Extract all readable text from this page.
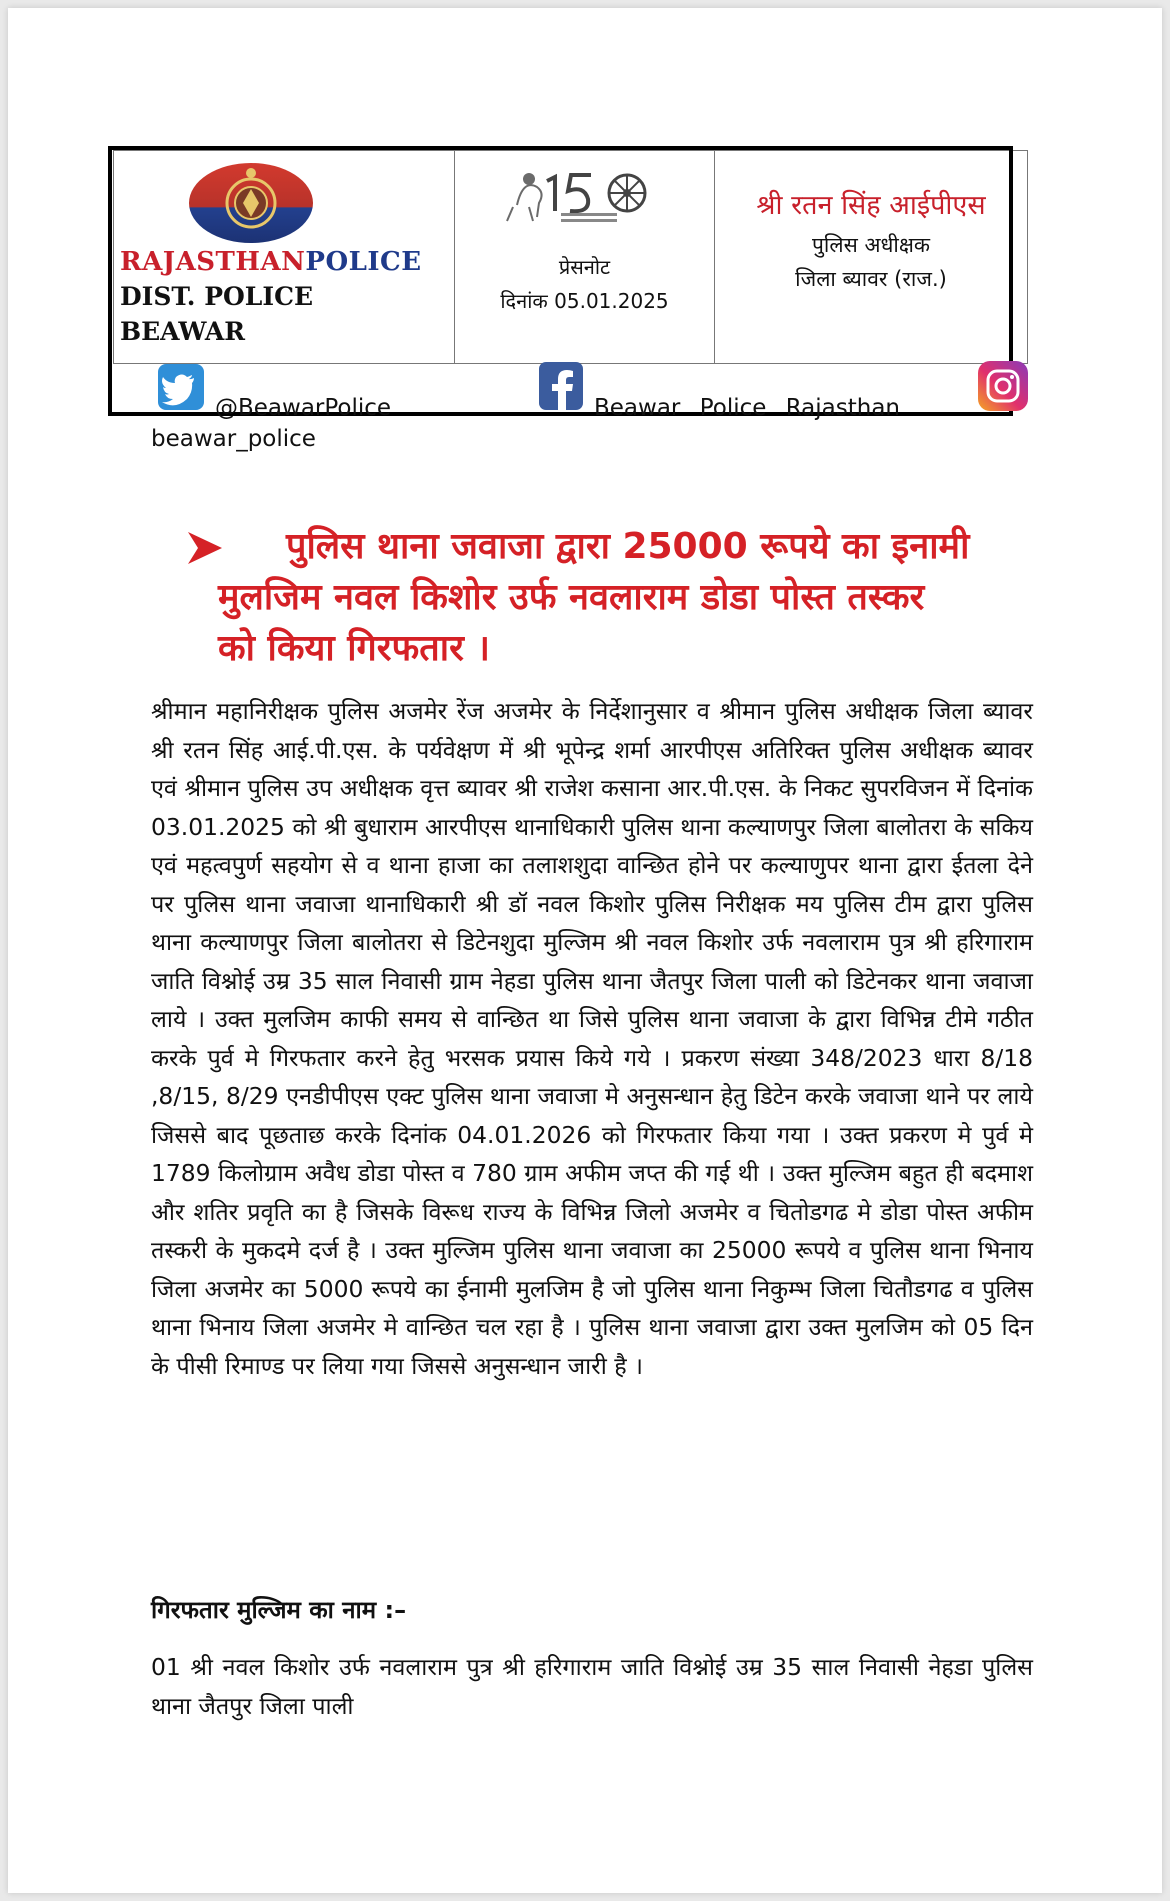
RAJASTHANPOLICE
DIST. POLICE
BEAWAR
प्रेसनोट
दिनांक 05.01.2025
श्री रतन सिंह आईपीएस
पुलिस अधीक्षक
जिला ब्यावर (राज.)
@BeawarPolice	Beawar Police Rajasthan
beawar_police
पुलिस थाना जवाजा द्वारा 25000 रूपये का इनामी
मुलजिम नवल किशोर उर्फ नवलाराम डोडा पोस्त तस्कर
को किया गिरफतार ।
श्रीमान महानिरीक्षक पुलिस अजमेर रेंज अजमेर के निर्देशानुसार व श्रीमान पुलिस अधीक्षक जिला ब्यावर श्री रतन सिंह आई.पी.एस. के पर्यवेक्षण में श्री भूपेन्द्र शर्मा आरपीएस अतिरिक्त पुलिस अधीक्षक ब्यावर एवं श्रीमान पुलिस उप अधीक्षक वृत्त ब्यावर श्री राजेश कसाना आर.पी.एस. के निकट सुपरविजन में दिनांक 03.01.2025 को श्री बुधाराम आरपीएस थानाधिकारी पुलिस थाना कल्याणपुर जिला बालोतरा के सकिय एवं महत्वपुर्ण सहयोग से व थाना हाजा का तलाशशुदा वान्छित होने पर कल्याणुपर थाना द्वारा ईतला देने पर पुलिस थाना जवाजा थानाधिकारी श्री डॉ नवल किशोर पुलिस निरीक्षक मय पुलिस टीम द्वारा पुलिस थाना कल्याणपुर जिला बालोतरा से डिटेनशुदा मुल्जिम श्री नवल किशोर उर्फ नवलाराम पुत्र श्री हरिगाराम जाति विश्नोई उम्र 35 साल निवासी ग्राम नेहडा पुलिस थाना जैतपुर जिला पाली को डिटेनकर थाना जवाजा लाये । उक्त मुलजिम काफी समय से वान्छित था जिसे पुलिस थाना जवाजा के द्वारा विभिन्न टीमे गठीत करके पुर्व मे गिरफतार करने हेतु भरसक प्रयास किये गये । प्रकरण संख्या 348/2023 धारा 8/18 ,8/15, 8/29 एनडीपीएस एक्ट पुलिस थाना जवाजा मे अनुसन्धान हेतु डिटेन करके जवाजा थाने पर लाये जिससे बाद पूछताछ करके दिनांक 04.01.2026 को गिरफतार किया गया । उक्त प्रकरण मे पुर्व मे 1789 किलोग्राम अवैध डोडा पोस्त व 780 ग्राम अफीम जप्त की गई थी । उक्त मुल्जिम बहुत ही बदमाश और शतिर प्रवृति का है जिसके विरूध राज्य के विभिन्न जिलो अजमेर व चितोडगढ मे डोडा पोस्त अफीम तस्करी के मुकदमे दर्ज है । उक्त मुल्जिम पुलिस थाना जवाजा का 25000 रूपये व पुलिस थाना भिनाय जिला अजमेर का 5000 रूपये का ईनामी मुलजिम है जो पुलिस थाना निकुम्भ जिला चितौडगढ व पुलिस थाना भिनाय जिला अजमेर मे वान्छित चल रहा है । पुलिस थाना जवाजा द्वारा उक्त मुलजिम को 05 दिन के पीसी रिमाण्ड पर लिया गया जिससे अनुसन्धान जारी है ।
गिरफतार मुल्जिम का नाम :–
01 श्री नवल किशोर उर्फ नवलाराम पुत्र श्री हरिगाराम जाति विश्नोई उम्र 35 साल निवासी नेहडा पुलिस थाना जैतपुर जिला पाली
